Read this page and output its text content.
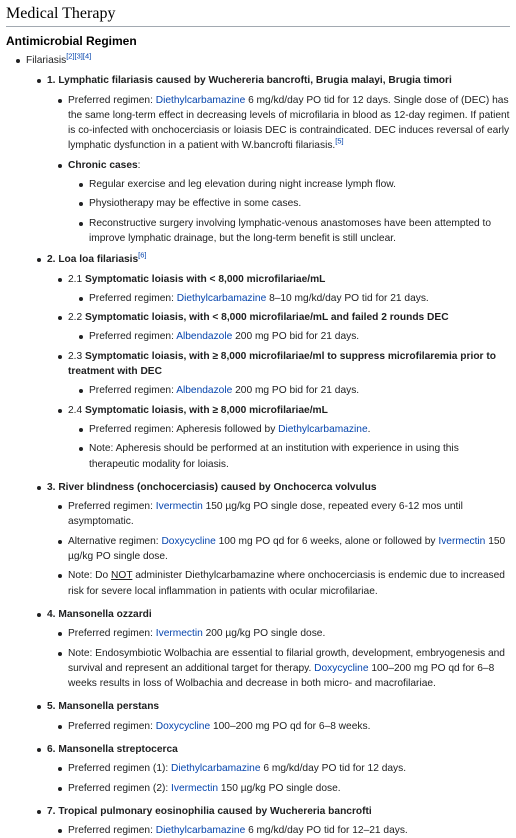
Medical Therapy
Antimicrobial Regimen
Filariasis[2][3][4]
1. Lymphatic filariasis caused by Wuchereria bancrofti, Brugia malayi, Brugia timori
Preferred regimen: Diethylcarbamazine 6 mg/kd/day PO tid for 12 days. Single dose of (DEC) has the same long-term effect in decreasing levels of microfilaria in blood as 12-day regimen. If patient is co-infected with onchocerciasis or loiasis DEC is contraindicated. DEC induces reversal of early lymphatic dysfunction in a patient with W.bancrofti filariasis.[5]
Chronic cases:
Regular exercise and leg elevation during night increase lymph flow.
Physiotherapy may be effective in some cases.
Reconstructive surgery involving lymphatic-venous anastomoses have been attempted to improve lymphatic drainage, but the long-term benefit is still unclear.
2. Loa loa filariasis[6]
2.1 Symptomatic loiasis with < 8,000 microfilariae/mL
Preferred regimen: Diethylcarbamazine 8–10 mg/kd/day PO tid for 21 days.
2.2 Symptomatic loiasis, with < 8,000 microfilariae/mL and failed 2 rounds DEC
Preferred regimen: Albendazole 200 mg PO bid for 21 days.
2.3 Symptomatic loiasis, with ≥ 8,000 microfilariae/ml to suppress microfilaremia prior to treatment with DEC
Preferred regimen: Albendazole 200 mg PO bid for 21 days.
2.4 Symptomatic loiasis, with ≥ 8,000 microfilariae/mL
Preferred regimen: Apheresis followed by Diethylcarbamazine.
Note: Apheresis should be performed at an institution with experience in using this therapeutic modality for loiasis.
3. River blindness (onchocerciasis) caused by Onchocerca volvulus
Preferred regimen: Ivermectin 150 µg/kg PO single dose, repeated every 6-12 mos until asymptomatic.
Alternative regimen: Doxycycline 100 mg PO qd for 6 weeks, alone or followed by Ivermectin 150 µg/kg PO single dose.
Note: Do NOT administer Diethylcarbamazine where onchocerciasis is endemic due to increased risk for severe local inflammation in patients with ocular microfilariae.
4. Mansonella ozzardi
Preferred regimen: Ivermectin 200 µg/kg PO single dose.
Note: Endosymbiotic Wolbachia are essential to filarial growth, development, embryogenesis and survival and represent an additional target for therapy. Doxycycline 100–200 mg PO qd for 6–8 weeks results in loss of Wolbachia and decrease in both micro- and macrofilariae.
5. Mansonella perstans
Preferred regimen: Doxycycline 100–200 mg PO qd for 6–8 weeks.
6. Mansonella streptocerca
Preferred regimen (1): Diethylcarbamazine 6 mg/kd/day PO tid for 12 days.
Preferred regimen (2): Ivermectin 150 µg/kg PO single dose.
7. Tropical pulmonary eosinophilia caused by Wuchereria bancrofti
Preferred regimen: Diethylcarbamazine 6 mg/kd/day PO tid for 12–21 days.
